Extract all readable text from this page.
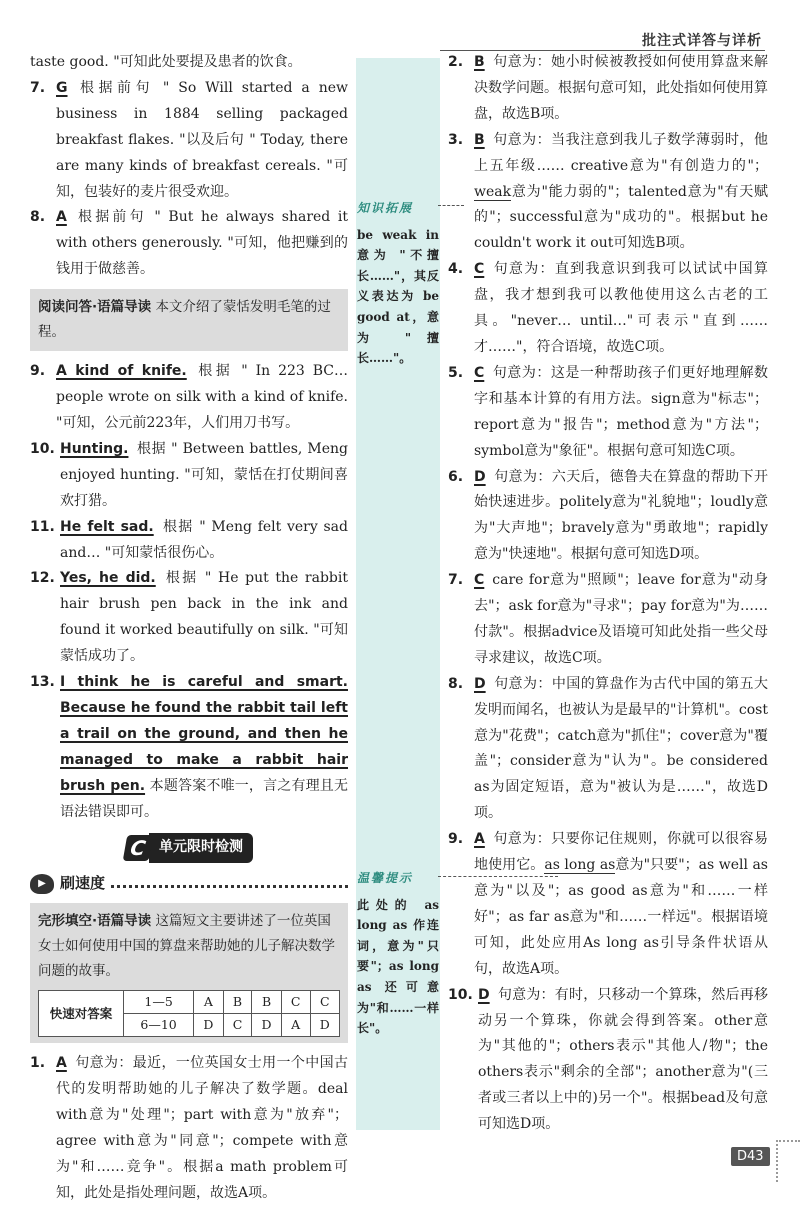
批注式详答与详析

taste good. "可知此处要提及患者的饮食。

7. G 根据前句 " So Will started a new business in 1884 selling packaged breakfast flakes. "以及后句 " Today, there are many kinds of breakfast cereals. "可知，包装好的麦片很受欢迎。
8. A 根据前句 " But he always shared it with others generously. "可知，他把赚到的钱用于做慈善。
阅读问答·语篇导读 本文介绍了蒙恬发明毛笔的过程。
9. A kind of knife. 根据 " In 223 BC… people wrote on silk with a kind of knife. "可知，公元前223年，人们用刀书写。
10. Hunting. 根据 " Between battles, Meng enjoyed hunting. "可知，蒙恬在打仗期间喜欢打猎。
11. He felt sad. 根据 " Meng felt very sad and… "可知蒙恬很伤心。
12. Yes, he did. 根据 " He put the rabbit hair brush pen back in the ink and found it worked beautifully on silk. "可知蒙恬成功了。
13. I think he is careful and smart. Because he found the rabbit tail left a trail on the ground, and then he managed to make a rabbit hair brush pen. 本题答案不唯一，言之有理且无语法错误即可。
C 单元限时检测
▶ 刷速度
完形填空·语篇导读 这篇短文主要讲述了一位英国女士如何使用中国的算盘来帮助她的儿子解决数学问题的故事。
快速对答案	1—5	A	B	B	C	C
	6—10	D	C	D	A	D
1. A 句意为：最近，一位英国女士用一个中国古代的发明帮助她的儿子解决了数学题。deal with意为"处理"；part with意为"放弃"；agree with意为"同意"；compete with意为"和……竞争"。根据a math problem可知，此处是指处理问题，故选A项。
知识拓展
be weak in 意为 "不擅长……"，其反义表达为 be good at，意为 "擅长……"。
温馨提示
此处的 as long as 作连词，意为"只要"；as long as 还可意为"和……一样长"。
2. B 句意为：她小时候被教授如何使用算盘来解决数学问题。根据句意可知，此处指如何使用算盘，故选B项。
3. B 句意为：当我注意到我儿子数学薄弱时，他上五年级…… creative意为"有创造力的"；weak意为"能力弱的"；talented意为"有天赋的"；successful意为"成功的"。根据but he couldn't work it out可知选B项。
4. C 句意为：直到我意识到我可以试试中国算盘，我才想到我可以教他使用这么古老的工具。"never… until…"可表示"直到……才……"，符合语境，故选C项。
5. C 句意为：这是一种帮助孩子们更好地理解数字和基本计算的有用方法。sign意为"标志"；report意为"报告"；method意为"方法"；symbol意为"象征"。根据句意可知选C项。
6. D 句意为：六天后，德鲁夫在算盘的帮助下开始快速进步。politely意为"礼貌地"；loudly意为"大声地"；bravely意为"勇敢地"；rapidly意为"快速地"。根据句意可知选D项。
7. C care for意为"照顾"；leave for意为"动身去"；ask for意为"寻求"；pay for意为"为……付款"。根据advice及语境可知此处指一些父母寻求建议，故选C项。
8. D 句意为：中国的算盘作为古代中国的第五大发明而闻名，也被认为是最早的"计算机"。cost意为"花费"；catch意为"抓住"；cover意为"覆盖"；consider意为"认为"。be considered as为固定短语，意为"被认为是……"，故选D项。
9. A 句意为：只要你记住规则，你就可以很容易地使用它。as long as意为"只要"；as well as意为"以及"；as good as意为"和……一样好"；as far as意为"和……一样远"。根据语境可知，此处应用As long as引导条件状语从句，故选A项。
10. D 句意为：有时，只移动一个算珠，然后再移动另一个算珠，你就会得到答案。other意为"其他的"；others表示"其他人/物"；the others表示"剩余的全部"；another意为"(三者或三者以上中的)另一个"。根据bead及句意可知选D项。
D43
